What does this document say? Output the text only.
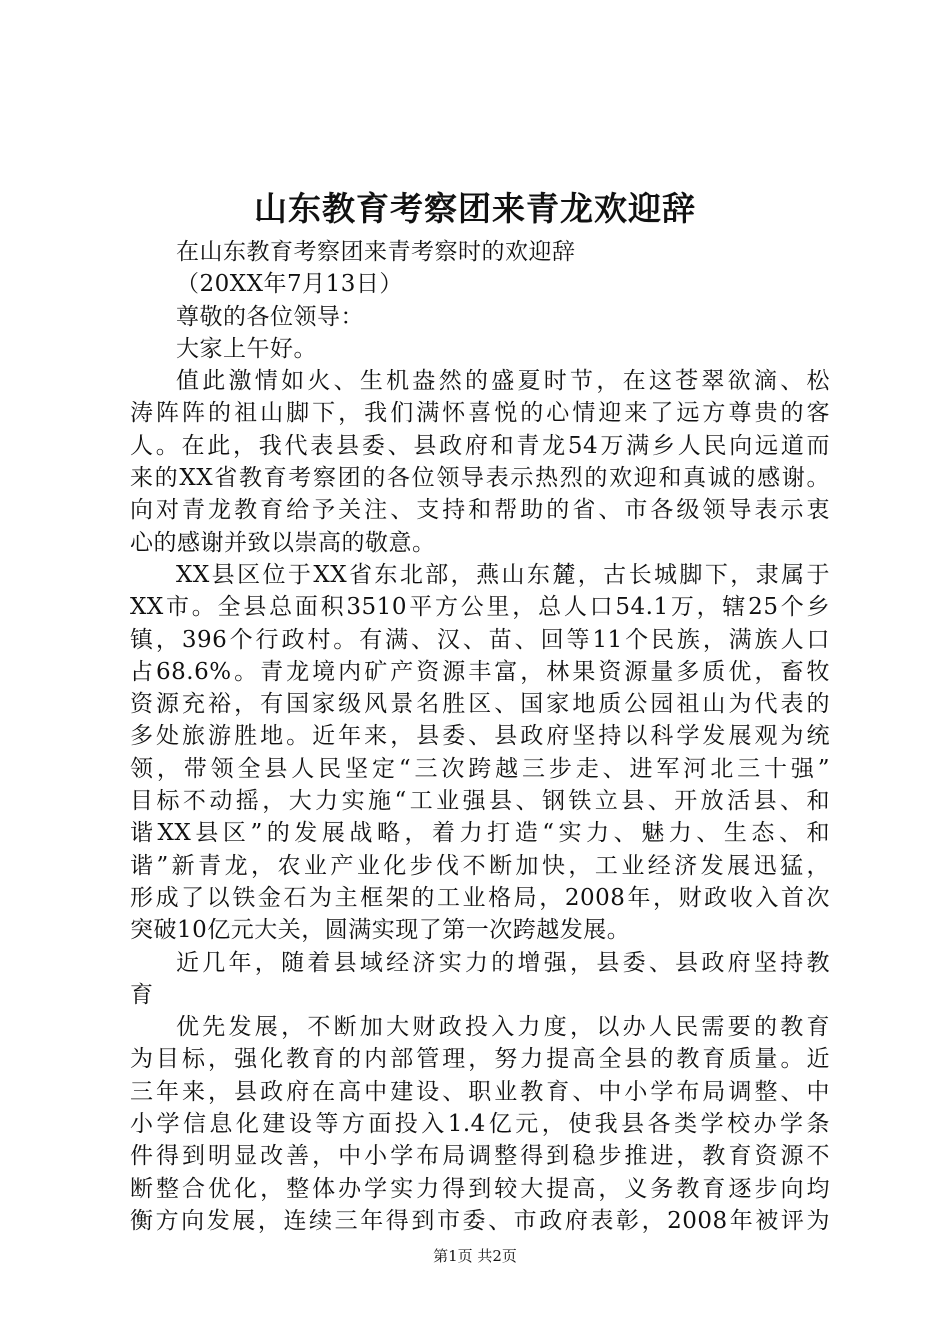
山东教育考察团来青龙欢迎辞
在山东教育考察团来青考察时的欢迎辞
（20XX年7月13日）
尊敬的各位领导：
大家上午好。
值此激情如火、生机盎然的盛夏时节，在这苍翠欲滴、松
涛阵阵的祖山脚下，我们满怀喜悦的心情迎来了远方尊贵的客
人。在此，我代表县委、县政府和青龙54万满乡人民向远道而
来的XX省教育考察团的各位领导表示热烈的欢迎和真诚的感谢。
向对青龙教育给予关注、支持和帮助的省、市各级领导表示衷
心的感谢并致以崇高的敬意。
XX县区位于XX省东北部，燕山东麓，古长城脚下，隶属于
XX市。全县总面积3510平方公里，总人口54.1万，辖25个乡
镇，396个行政村。有满、汉、苗、回等11个民族，满族人口
占68.6%。青龙境内矿产资源丰富，林果资源量多质优，畜牧
资源充裕，有国家级风景名胜区、国家地质公园祖山为代表的
多处旅游胜地。近年来，县委、县政府坚持以科学发展观为统
领，带领全县人民坚定“三次跨越三步走、进军河北三十强”
目标不动摇，大力实施“工业强县、钢铁立县、开放活县、和
谐XX县区”的发展战略，着力打造“实力、魅力、生态、和
谐”新青龙，农业产业化步伐不断加快，工业经济发展迅猛，
形成了以铁金石为主框架的工业格局，2008年，财政收入首次
突破10亿元大关，圆满实现了第一次跨越发展。
近几年，随着县域经济实力的增强，县委、县政府坚持教
育
优先发展，不断加大财政投入力度，以办人民需要的教育
为目标，强化教育的内部管理，努力提高全县的教育质量。近
三年来，县政府在高中建设、职业教育、中小学布局调整、中
小学信息化建设等方面投入1.4亿元，使我县各类学校办学条
件得到明显改善，中小学布局调整得到稳步推进，教育资源不
断整合优化，整体办学实力得到较大提高，义务教育逐步向均
衡方向发展，连续三年得到市委、市政府表彰，2008年被评为
第1页 共2页
